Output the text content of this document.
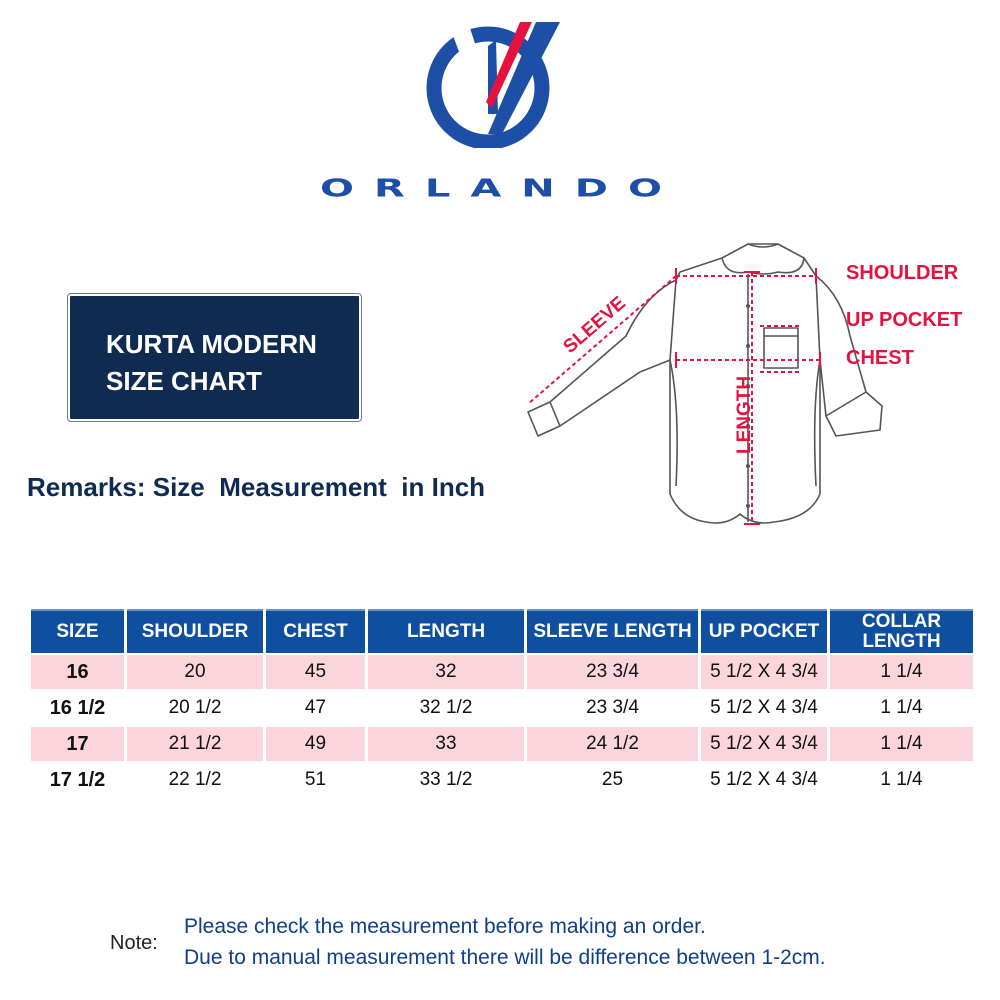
ORLANDO
KURTA MODERN
SIZE CHART
Remarks: Size  Measurement  in Inch
SLEEVE
LENGTH
SHOULDER
UP POCKET
CHEST
SIZE	SHOULDER	CHEST	LENGTH	SLEEVE LENGTH	UP POCKET	COLLAR LENGTH
16	20	45	32	23 3/4	5 1/2 X 4 3/4	1 1/4
16 1/2	20 1/2	47	32 1/2	23 3/4	5 1/2 X 4 3/4	1 1/4
17	21 1/2	49	33	24 1/2	5 1/2 X 4 3/4	1 1/4
17 1/2	22 1/2	51	33 1/2	25	5 1/2 X 4 3/4	1 1/4
Note:
Please check the measurement before making an order.
Due to manual measurement there will be difference between 1-2cm.
